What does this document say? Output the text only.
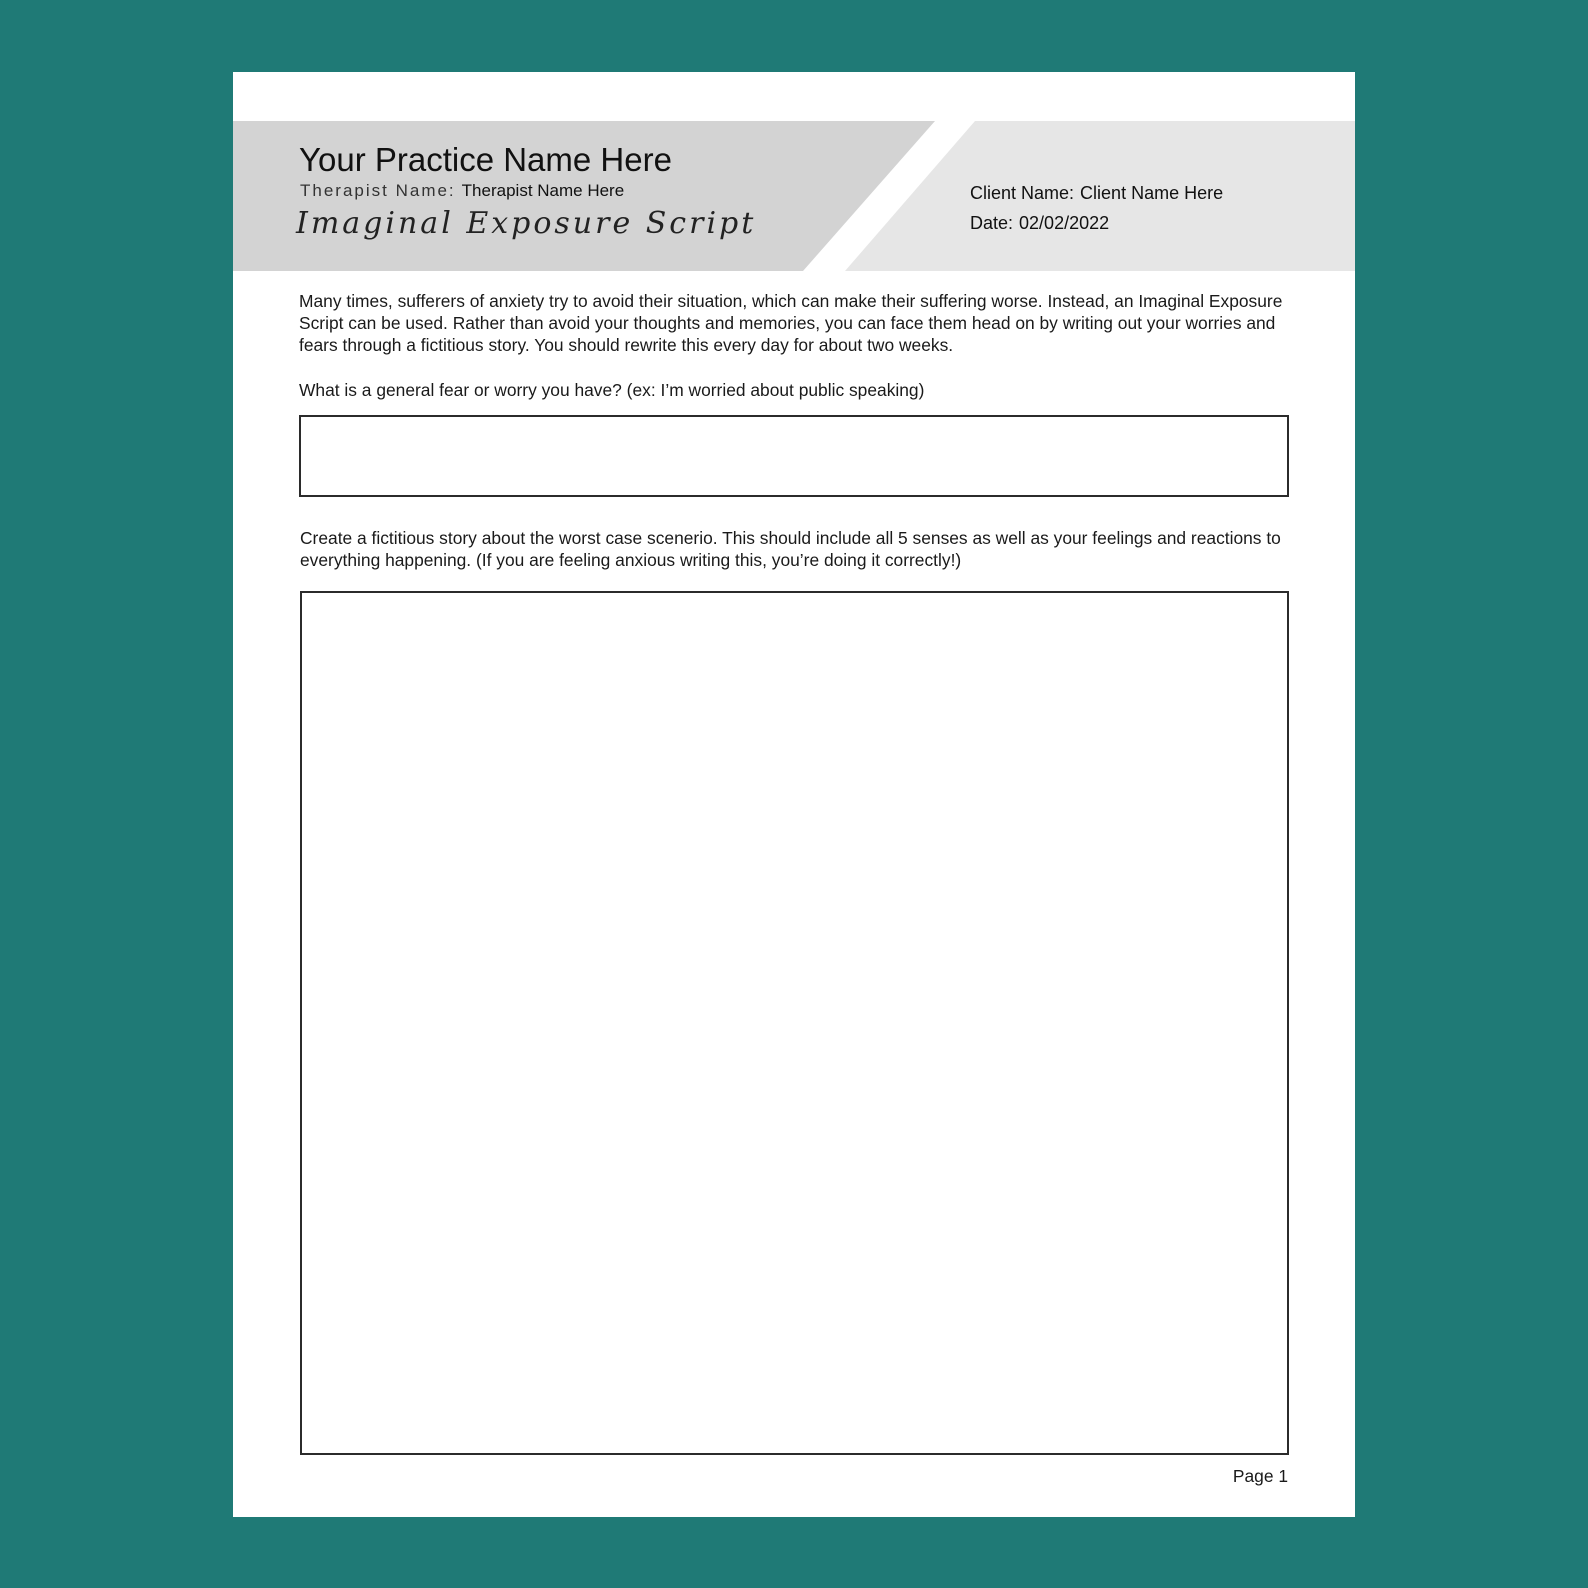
Your Practice Name Here
Therapist Name: Therapist Name Here
Imaginal Exposure Script
Client Name: Client Name Here
Date: 02/02/2022
Many times, sufferers of anxiety try to avoid their situation, which can make their suffering worse. Instead, an Imaginal Exposure Script can be used. Rather than avoid your thoughts and memories, you can face them head on by writing out your worries and fears through a fictitious story. You should rewrite this every day for about two weeks.
What is a general fear or worry you have? (ex: I’m worried about public speaking)
Create a fictitious story about the worst case scenerio. This should include all 5 senses as well as your feelings and reactions to everything happening. (If you are feeling anxious writing this, you’re doing it correctly!)
Page 1
